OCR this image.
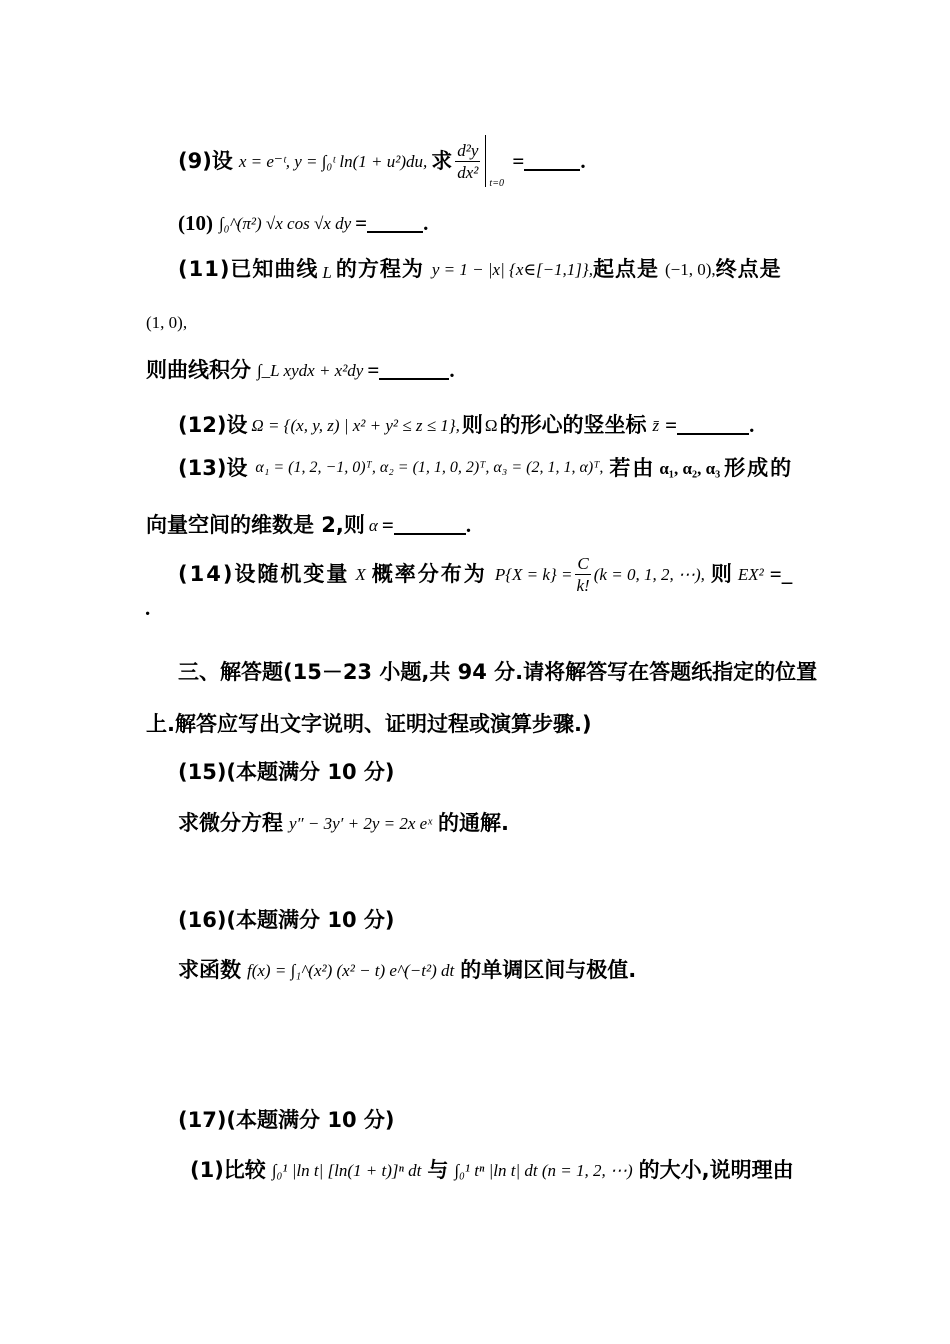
(9)设 x = e⁻ᵗ, y = ∫₀ᵗ ln(1 + u²)du, 求 $\frac{\text{d²y}}{\text{dx²}}$
t=0
=	.
(10) ∫₀^(π²) √x cos √x dy =	.
(11)已知曲线 L 的方程为 y = 1 − |x| {x∈[−1,1]}, 起点是 (−1, 0), 终点是
(1, 0),
则曲线积分 ∫_L xydx + x²dy =	.
(12)设 Ω = {(x, y, z) | x² + y² ≤ z ≤ 1}, 则 Ω 的形心的竖坐标 z̄ =	.
(13)设 α₁ = (1, 2, −1, 0)ᵀ, α₂ = (1, 1, 0, 2)ᵀ, α₃ = (2, 1, 1, α)ᵀ, 若由 α₁, α₂, α₃ 形成的
向量空间的维数是 2,则 α =	.
(14)设随机变量 X 概率分布为 $P\{X = k\} = \frac{C}{k!} (k = 0$, 1, 2, ⋯), 则 EX² =_
.
三、解答题(15－23 小题,共 94 分.请将解答写在答题纸指定的位置
上.解答应写出文字说明、证明过程或演算步骤.)
(15)(本题满分 10 分)
求微分方程 y″ − 3y′ + 2y = 2x eˣ 的通解.
(16)(本题满分 10 分)
求函数 f(x) = ∫₁^(x²) (x² − t) e^(−t²) dt 的单调区间与极值.
(17)(本题满分 10 分)
(1)比较 ∫₀¹ |ln t| [ln(1 + t)]ⁿ dt 与 ∫₀¹ tⁿ |ln t| dt (n = 1, 2, ⋯) 的大小,说明理由
